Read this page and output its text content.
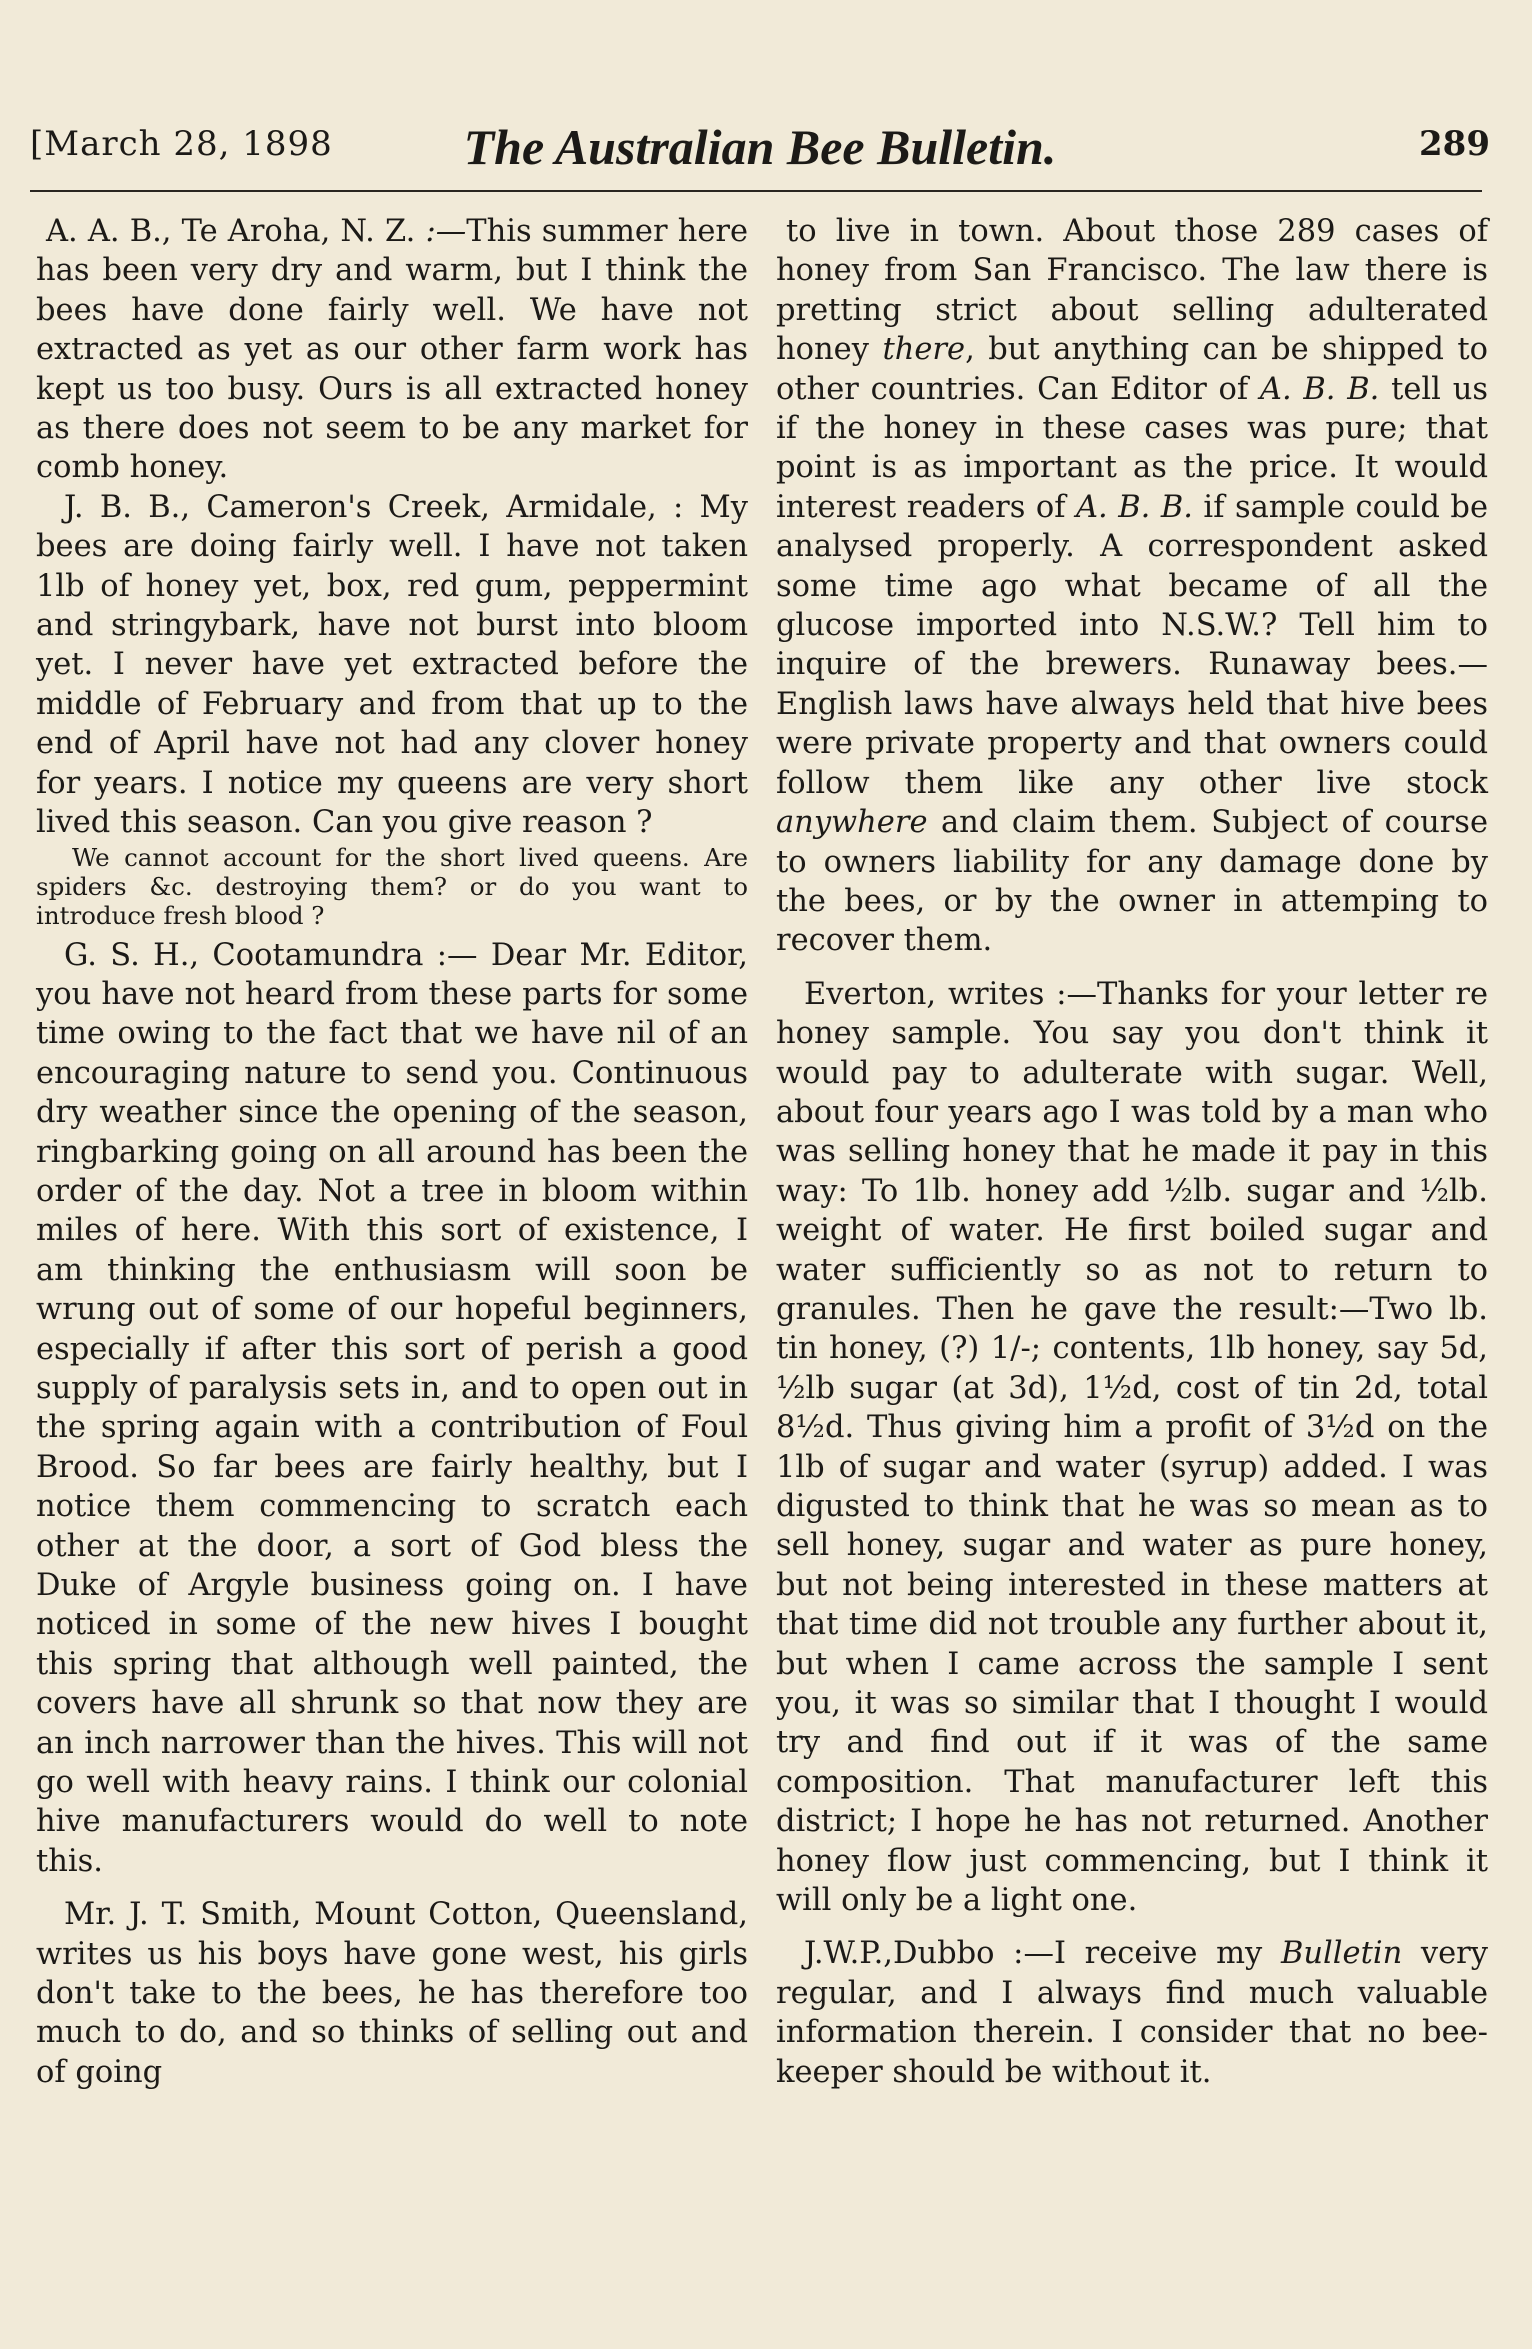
[March 28, 1898	The Australian Bee Bulletin.	289

A. A. B., Te Aroha, N. Z. :—This summer here has been very dry and warm, but I think the bees have done fairly well. We have not extracted as yet as our other farm work has kept us too busy. Ours is all extracted honey as there does not seem to be any market for comb honey.

J. B. B., Cameron's Creek, Armidale, : My bees are doing fairly well. I have not taken 1lb of honey yet, box, red gum, peppermint and stringybark, have not burst into bloom yet. I never have yet extracted before the middle of February and from that up to the end of April have not had any clover honey for years. I notice my queens are very short lived this season. Can you give reason ?

We cannot account for the short lived queens. Are spiders &c. destroying them? or do you want to introduce fresh blood ?

G. S. H., Cootamundra :— Dear Mr. Editor, you have not heard from these parts for some time owing to the fact that we have nil of an encouraging nature to send you. Continuous dry weather since the opening of the season, ringbarking going on all around has been the order of the day. Not a tree in bloom within miles of here. With this sort of existence, I am thinking the enthusiasm will soon be wrung out of some of our hopeful beginners, especially if after this sort of perish a good supply of paralysis sets in, and to open out in the spring again with a contribution of Foul Brood. So far bees are fairly healthy, but I notice them commencing to scratch each other at the door, a sort of God bless the Duke of Argyle business going on. I have noticed in some of the new hives I bought this spring that although well painted, the covers have all shrunk so that now they are an inch narrower than the hives. This will not go well with heavy rains. I think our colonial hive manufacturers would do well to note this.

Mr. J. T. Smith, Mount Cotton, Queensland, writes us his boys have gone west, his girls don't take to the bees, he has therefore too much to do, and so thinks of selling out and of going

to live in town. About those 289 cases of honey from San Francisco. The law there is pretting strict about selling adulterated honey there, but anything can be shipped to other countries. Can Editor of A. B. B. tell us if the honey in these cases was pure; that point is as important as the price. It would interest readers of A. B. B. if sample could be analysed properly. A correspondent asked some time ago what became of all the glucose imported into N.S.W.? Tell him to inquire of the brewers. Runaway bees.—English laws have always held that hive bees were private property and that owners could follow them like any other live stock anywhere and claim them. Subject of course to owners liability for any damage done by the bees, or by the owner in attemping to recover them.

Everton, writes :—Thanks for your letter re honey sample. You say you don't think it would pay to adulterate with sugar. Well, about four years ago I was told by a man who was selling honey that he made it pay in this way: To 1lb. honey add ½lb. sugar and ½lb. weight of water. He first boiled sugar and water sufficiently so as not to return to granules. Then he gave the result:—Two lb. tin honey, (?) 1/-; contents, 1lb honey, say 5d, ½lb sugar (at 3d), 1½d, cost of tin 2d, total 8½d. Thus giving him a profit of 3½d on the 1lb of sugar and water (syrup) added. I was digusted to think that he was so mean as to sell honey, sugar and water as pure honey, but not being interested in these matters at that time did not trouble any further about it, but when I came across the sample I sent you, it was so similar that I thought I would try and find out if it was of the same composition. That manufacturer left this district; I hope he has not returned. Another honey flow just commencing, but I think it will only be a light one.

J.W.P.,Dubbo :—I receive my Bulletin very regular, and I always find much valuable information therein. I consider that no bee-keeper should be without it.
